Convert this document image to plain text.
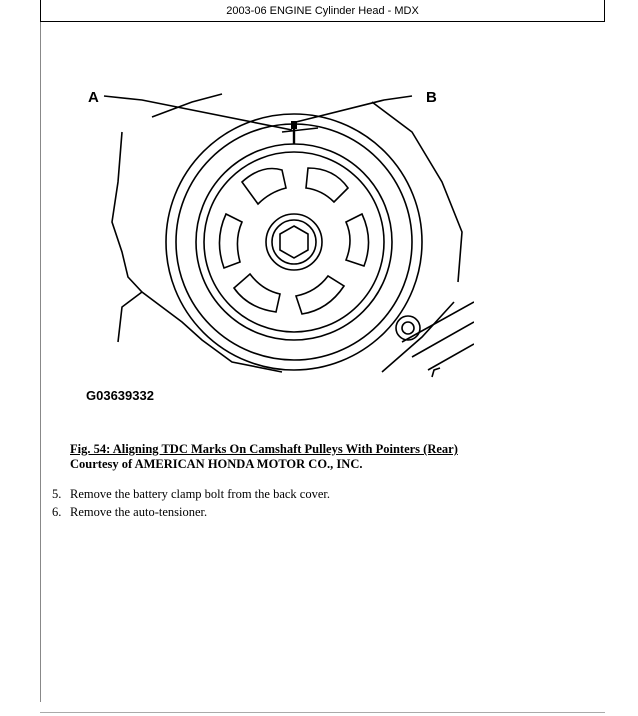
2003-06 ENGINE Cylinder Head - MDX
A	B
G03639332
Fig. 54: Aligning TDC Marks On Camshaft Pulleys With Pointers (Rear)
Courtesy of AMERICAN HONDA MOTOR CO., INC.
5. Remove the battery clamp bolt from the back cover.
6. Remove the auto-tensioner.
